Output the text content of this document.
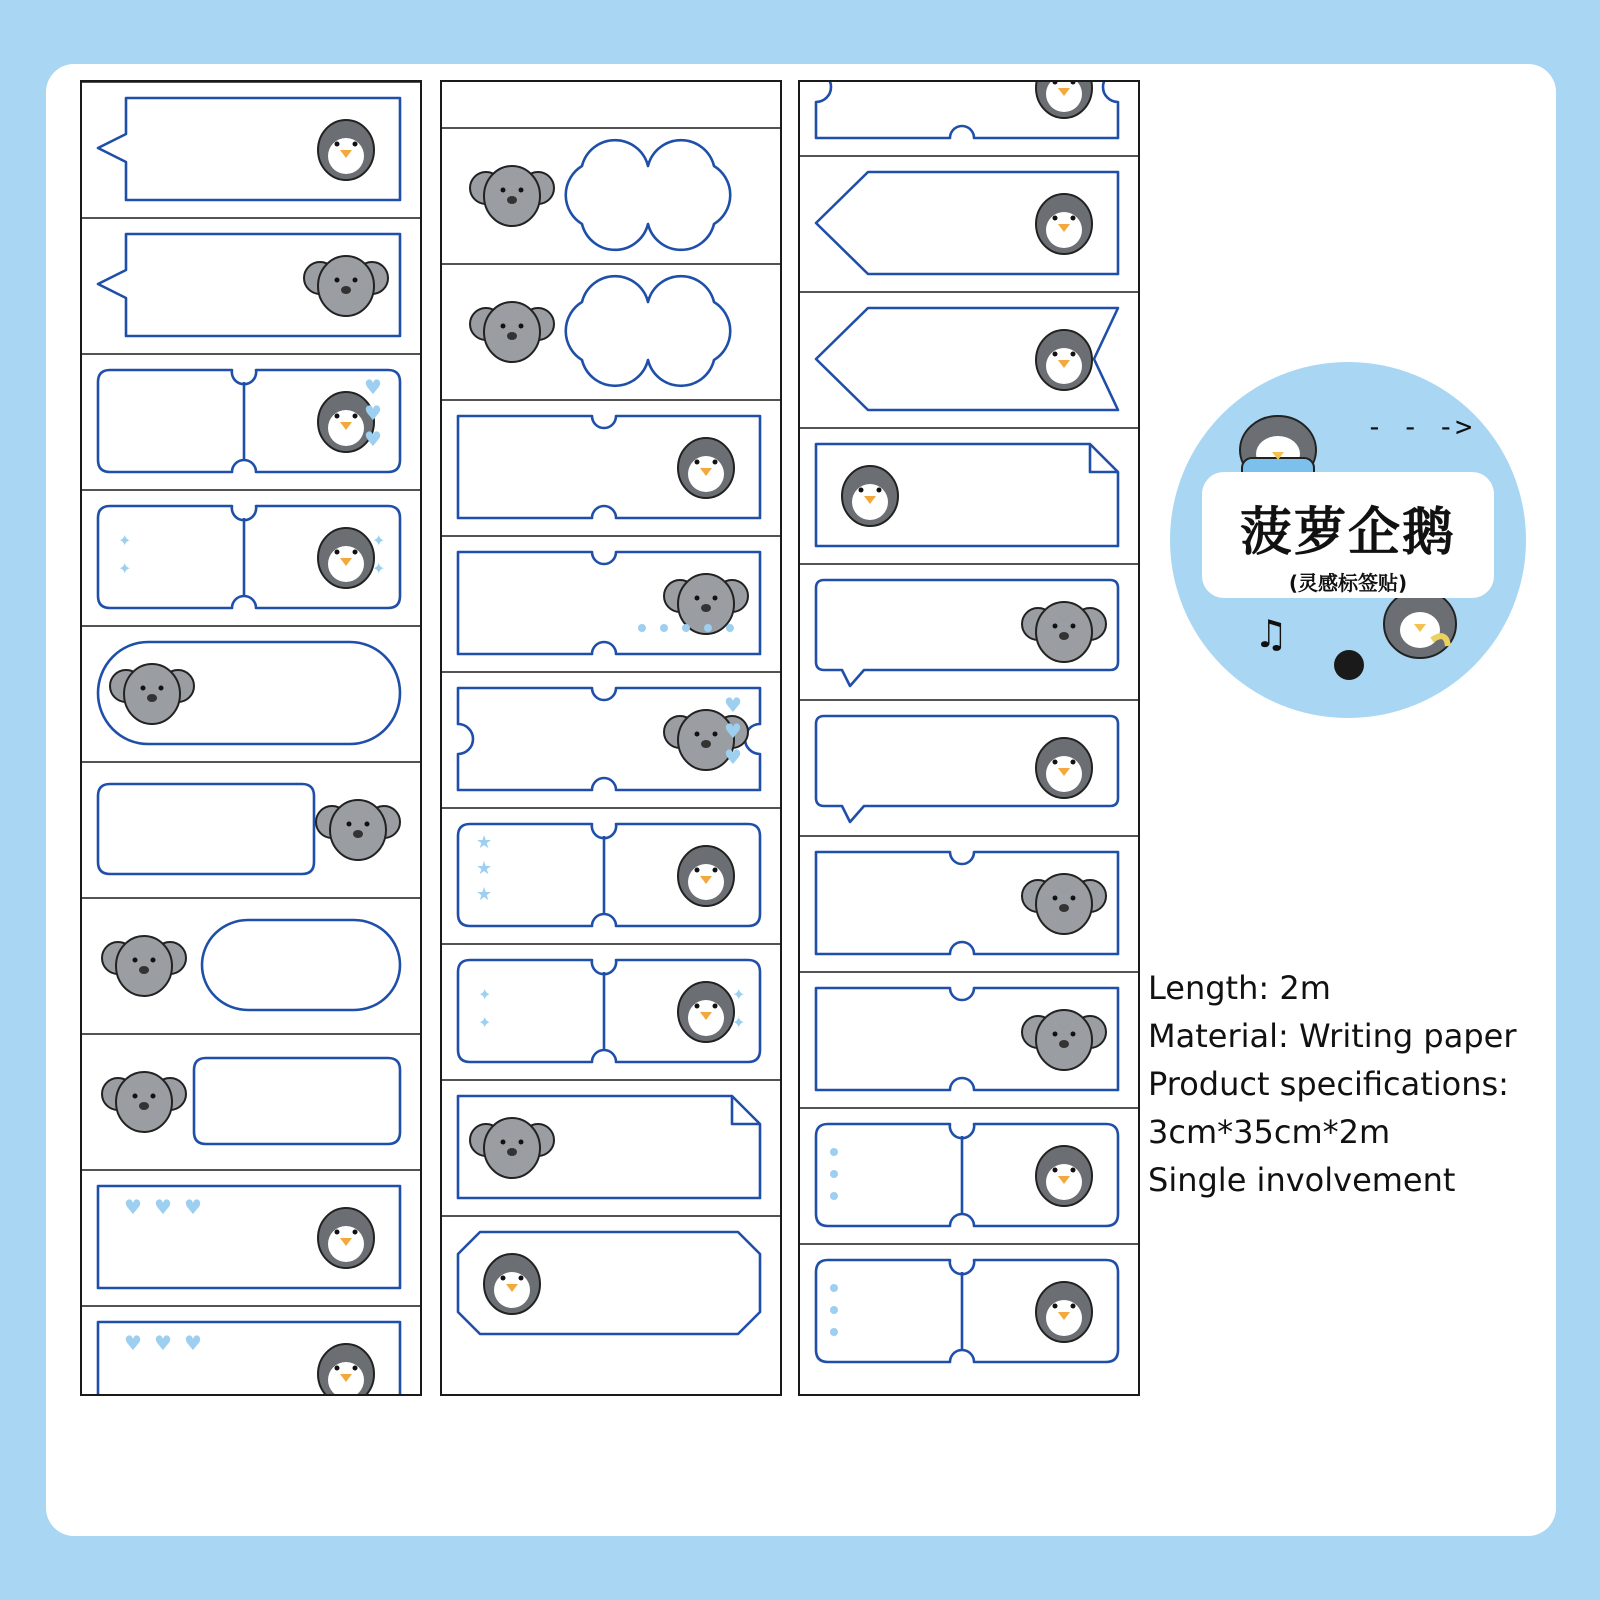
♥
♥
♥
✦
✦
✦
✦
♥ ♥ ♥
♥ ♥ ♥
♥
♥
♥
★
★
★
✦
✦
✦
✦
- - ->
菠萝企鹅
(灵感标签贴)
♫
Length: 2m
Material: Writing paper
Product specifications:
3cm*35cm*2m
Single involvement
